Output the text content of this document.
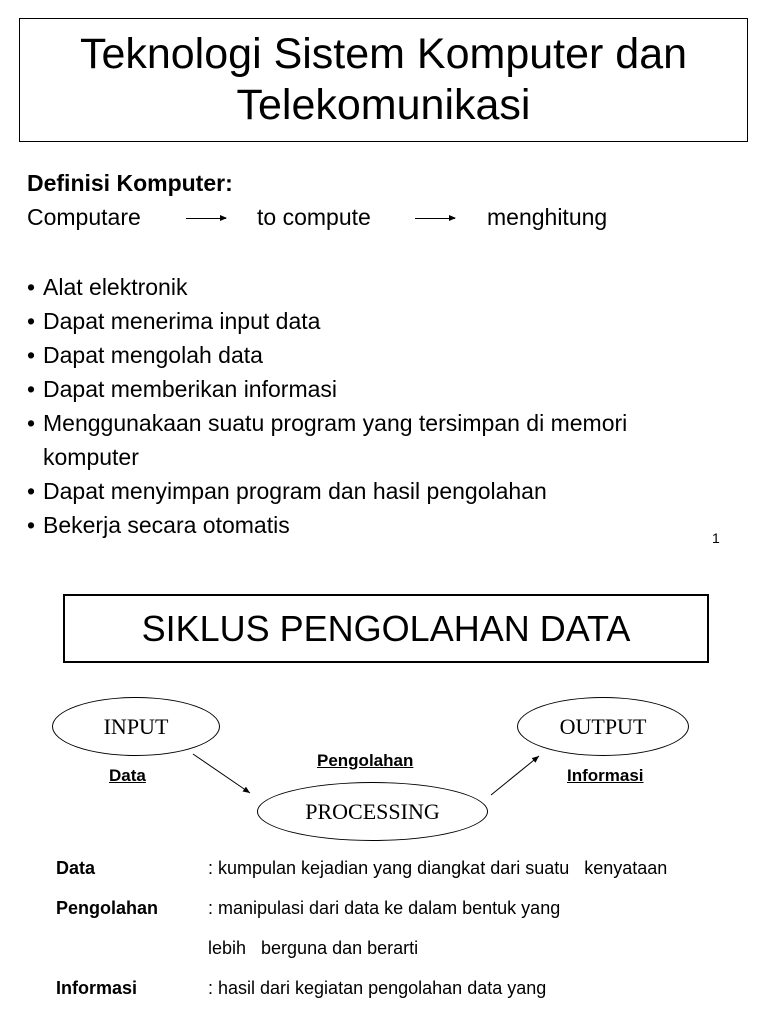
Teknologi Sistem Komputer dan
Telekomunikasi
Definisi Komputer:
Computare	to compute	menghitung
• Alat elektronik
• Dapat menerima input data
• Dapat mengolah data
• Dapat memberikan informasi
• Menggunakaan suatu program yang tersimpan di memori komputer
• Dapat menyimpan program dan hasil pengolahan
• Bekerja secara otomatis	1
SIKLUS PENGOLAHAN DATA
INPUT
PROCESSING
OUTPUT
Data
Pengolahan
Informasi
Data	: kumpulan kejadian yang diangkat dari suatu   kenyataan
Pengolahan	: manipulasi dari data ke dalam bentuk yang lebih   berguna dan berarti
Informasi	: hasil dari kegiatan pengolahan data yang
